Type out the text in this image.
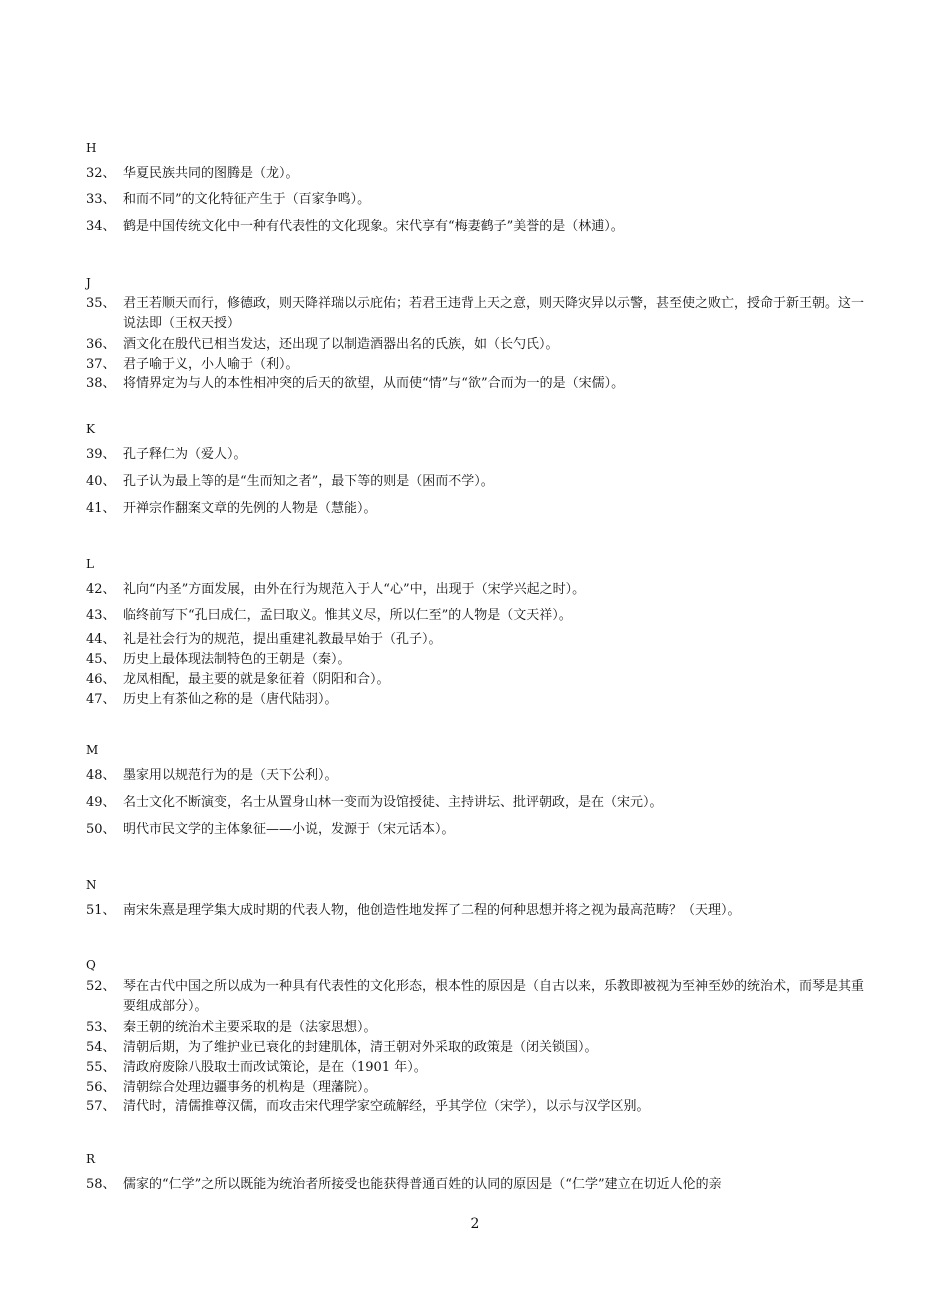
H
32、 华夏民族共同的图腾是（龙）。
33、 和而不同”的文化特征产生于（百家争鸣）。
34、 鹤是中国传统文化中一种有代表性的文化现象。宋代享有“梅妻鹤子”美誉的是（林逋）。
J
35、 君王若顺天而行，修德政，则天降祥瑞以示庇佑；若君王违背上天之意，则天降灾异以示警，甚至使之败亡，授命于新王朝。这一说法即（王权天授）
36、 酒文化在殷代已相当发达，还出现了以制造酒器出名的氏族，如（长勺氏）。
37、 君子喻于义，小人喻于（利）。
38、 将情界定为与人的本性相冲突的后天的欲望，从而使“情”与“欲”合而为一的是（宋儒）。
K
39、 孔子释仁为（爱人）。
40、 孔子认为最上等的是“生而知之者”，最下等的则是（困而不学）。
41、 开禅宗作翻案文章的先例的人物是（慧能）。
L
42、 礼向“内圣”方面发展，由外在行为规范入于人“心”中，出现于（宋学兴起之时）。
43、 临终前写下“孔曰成仁，孟曰取义。惟其义尽，所以仁至”的人物是（文天祥）。
44、 礼是社会行为的规范，提出重建礼教最早始于（孔子）。
45、 历史上最体现法制特色的王朝是（秦）。
46、 龙凤相配，最主要的就是象征着（阴阳和合）。
47、 历史上有茶仙之称的是（唐代陆羽）。
M
48、 墨家用以规范行为的是（天下公利）。
49、 名士文化不断演变，名士从置身山林一变而为设馆授徒、主持讲坛、批评朝政，是在（宋元）。
50、 明代市民文学的主体象征——小说，发源于（宋元话本）。
N
51、 南宋朱熹是理学集大成时期的代表人物，他创造性地发挥了二程的何种思想并将之视为最高范畴？（天理）。
Q
52、 琴在古代中国之所以成为一种具有代表性的文化形态，根本性的原因是（自古以来，乐教即被视为至神至妙的统治术，而琴是其重要组成部分）。
53、 秦王朝的统治术主要采取的是（法家思想）。
54、 清朝后期，为了维护业已衰化的封建肌体，清王朝对外采取的政策是（闭关锁国）。
55、 清政府废除八股取士而改试策论，是在（1901 年）。
56、 清朝综合处理边疆事务的机构是（理藩院）。
57、 清代时，清儒推尊汉儒，而攻击宋代理学家空疏解经，乎其学位（宋学），以示与汉学区别。
R
58、 儒家的“仁学”之所以既能为统治者所接受也能获得普通百姓的认同的原因是（“仁学”建立在切近人伦的亲
2
